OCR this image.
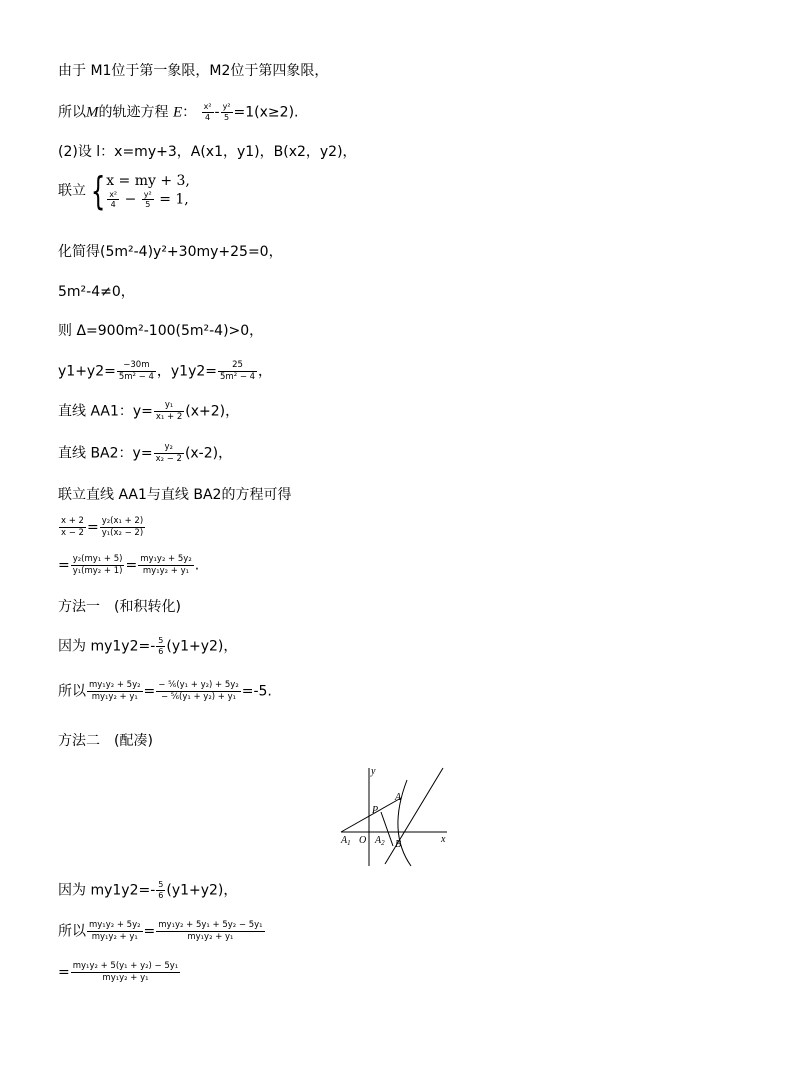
由于 M1位于第一象限，M2位于第四象限，
所以M的轨迹方程 E： $\frac{\text{x²}}{4} - \frac{\text{y²}}{5} =1(x\ge 2)$.
(2)设 l：x=my+3，A(x1，y1)，B(x2，y2)，
联立 { x = my + 3,
$\frac{\text{x²}}{4} - \frac{\text{y²}}{5} = 1$,
化简得(5m²-4)y²+30my+25=0，
5m²-4≠0，
则 Δ=900m²-100(5m²-4)>0，
$y1+y2= \frac{-30m}{\text{5m² − 4}}$ ，$y1y2= \frac{25}{\text{5m² − 4}}$ ，
直线 AA1：$y= \frac{\text{y₁}}{\text{x₁ + 2}} (x+2)$，
直线 BA2：$y= \frac{\text{y₂}}{\text{x₂ − 2}} (x-2)$，
联立直线 AA1与直线 BA2的方程可得
$\frac{x + 2}{x - 2} = \frac{\text{y₂(x₁ + 2)}}{\text{y₁(x₂ − 2)}}$
= $\frac{\text{y₂(my₁ + 5)}}{\text{y₁(my₂ + 1)}} = \frac{\text{my₁y₂ + 5y₂}}{\text{my₁y₂ + y₁}}$ .
方法一　(和积转化)
因为 $my1y2=- \frac{5}{6} (y1+y2)$，
所以 $\frac{\text{my₁y₂ + 5y₂}}{\text{my₁y₂ + y₁}} = \frac{\text{− ⁵⁄₆(y₁ + y₂) + 5y₂}}{\text{− ⁵⁄₆(y₁ + y₂) + y₁}} =-5$.
方法二　(配凑)
y
x
A
P
O
$A_1$ $A_2$ B
因为 $my1y2=- \frac{5}{6} (y1+y2)$，
所以 $\frac{\text{my₁y₂ + 5y₂}}{\text{my₁y₂ + y₁}} = \frac{\text{my₁y₂ + 5y₁ + 5y₂ − 5y₁}}{\text{my₁y₂ + y₁}}$
= $\frac{\text{my₁y₂ + 5(y₁ + y₂) − 5y₁}}{\text{my₁y₂ + y₁}}$
